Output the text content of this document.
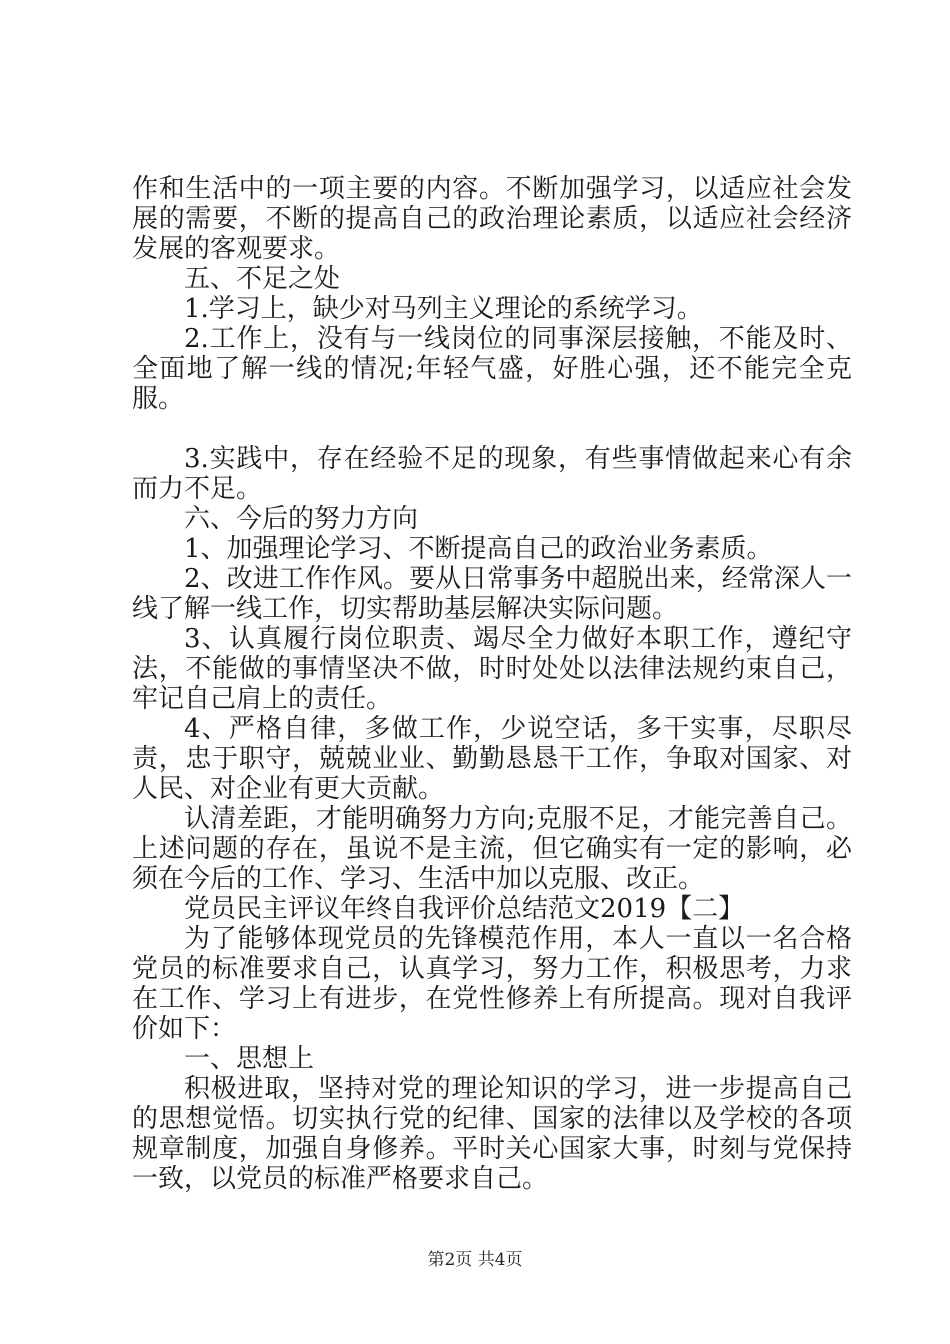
作和生活中的一项主要的内容。不断加强学习，以适应社会发展的需要，不断的提高自己的政治理论素质，以适应社会经济发展的客观要求。

五、不足之处

1.学习上，缺少对马列主义理论的系统学习。

2.工作上，没有与一线岗位的同事深层接触，不能及时、全面地了解一线的情况;年轻气盛，好胜心强，还不能完全克服。

3.实践中，存在经验不足的现象，有些事情做起来心有余而力不足。

六、今后的努力方向

1、加强理论学习、不断提高自己的政治业务素质。

2、改进工作作风。要从日常事务中超脱出来，经常深人一线了解一线工作，切实帮助基层解决实际问题。

3、认真履行岗位职责、竭尽全力做好本职工作，遵纪守法，不能做的事情坚决不做，时时处处以法律法规约束自己，牢记自己肩上的责任。

4、严格自律，多做工作，少说空话，多干实事，尽职尽责，忠于职守，兢兢业业、勤勤恳恳干工作，争取对国家、对人民、对企业有更大贡献。

认清差距，才能明确努力方向;克服不足，才能完善自己。上述问题的存在，虽说不是主流，但它确实有一定的影响，必须在今后的工作、学习、生活中加以克服、改正。

党员民主评议年终自我评价总结范文2019【二】

为了能够体现党员的先锋模范作用，本人一直以一名合格党员的标准要求自己，认真学习，努力工作，积极思考，力求在工作、学习上有进步，在党性修养上有所提高。现对自我评价如下：

一、思想上

积极进取，坚持对党的理论知识的学习，进一步提高自己的思想觉悟。切实执行党的纪律、国家的法律以及学校的各项规章制度，加强自身修养。平时关心国家大事，时刻与党保持一致，以党员的标准严格要求自己。

第2页 共4页
